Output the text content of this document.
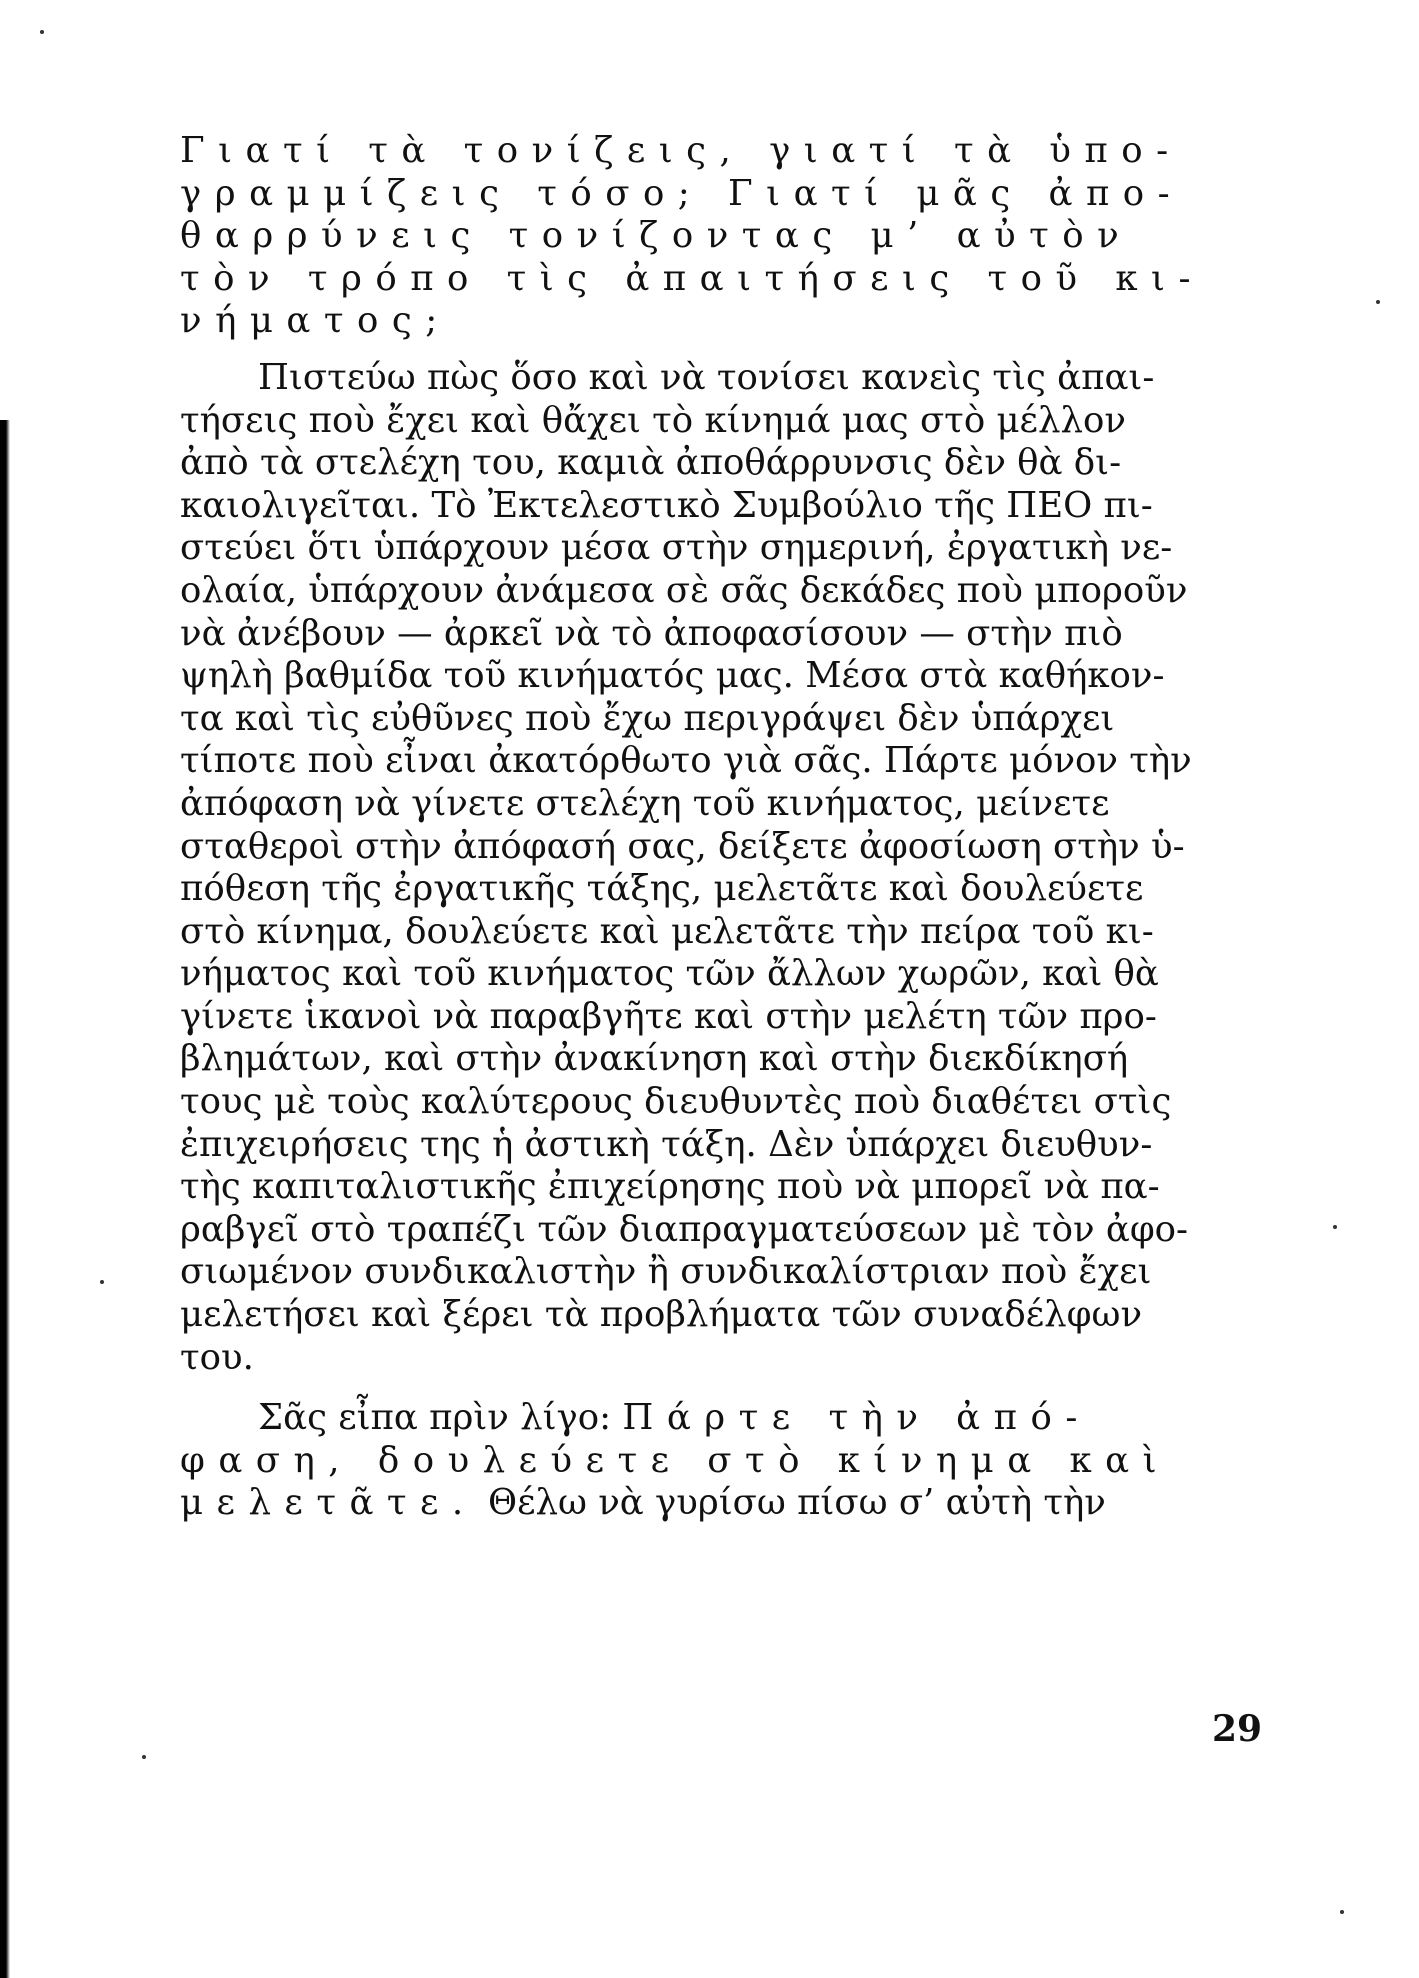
Γιατί τὰ τονίζεις, γιατί τὰ ὑπο-
γραμμίζεις τόσο; Γιατί μᾶς ἀπο-
θαρρύνεις τονίζοντας μ’ αὐτὸν
τὸν τρόπο τὶς ἀπαιτήσεις τοῦ κι-
νήματος;

Πιστεύω πὼς ὅσο καὶ νὰ τονίσει κανεὶς τὶς ἀπαι-
τήσεις ποὺ ἔχει καὶ θἄχει τὸ κίνημά μας στὸ μέλλον
ἀπὸ τὰ στελέχη του, καμιὰ ἀποθάρρυνσις δὲν θὰ δι-
καιολιγεῖται. Τὸ Ἐκτελεστικὸ Συμβούλιο τῆς ΠΕΟ πι-
στεύει ὅτι ὑπάρχουν μέσα στὴν σημερινή, ἐργατικὴ νε-
ολαία, ὑπάρχουν ἀνάμεσα σὲ σᾶς δεκάδες ποὺ μποροῦν
νὰ ἀνέβουν — ἀρκεῖ νὰ τὸ ἀποφασίσουν — στὴν πιὸ
ψηλὴ βαθμίδα τοῦ κινήματός μας. Μέσα στὰ καθήκον-
τα καὶ τὶς εὐθῦνες ποὺ ἔχω περιγράψει δὲν ὑπάρχει
τίποτε ποὺ εἶναι ἀκατόρθωτο γιὰ σᾶς. Πάρτε μόνον τὴν
ἀπόφαση νὰ γίνετε στελέχη τοῦ κινήματος, μείνετε
σταθεροὶ στὴν ἀπόφασή σας, δείξετε ἀφοσίωση στὴν ὑ-
πόθεση τῆς ἐργατικῆς τάξης, μελετᾶτε καὶ δουλεύετε
στὸ κίνημα, δουλεύετε καὶ μελετᾶτε τὴν πείρα τοῦ κι-
νήματος καὶ τοῦ κινήματος τῶν ἄλλων χωρῶν, καὶ θὰ
γίνετε ἱκανοὶ νὰ παραβγῆτε καὶ στὴν μελέτη τῶν προ-
βλημάτων, καὶ στὴν ἀνακίνηση καὶ στὴν διεκδίκησή
τους μὲ τοὺς καλύτερους διευθυντὲς ποὺ διαθέτει στὶς
ἐπιχειρήσεις της ἡ ἀστικὴ τάξη. Δὲν ὑπάρχει διευθυν-
τὴς καπιταλιστικῆς ἐπιχείρησης ποὺ νὰ μπορεῖ νὰ πα-
ραβγεῖ στὸ τραπέζι τῶν διαπραγματεύσεων μὲ τὸν ἀφο-
σιωμένον συνδικαλιστὴν ἢ συνδικαλίστριαν ποὺ ἔχει
μελετήσει καὶ ξέρει τὰ προβλήματα τῶν συναδέλφων
του.

Σᾶς εἶπα πρὶν λίγο: Πάρτε τὴν ἀπό-
φαση, δουλεύετε στὸ κίνημα καὶ
μελετᾶτε. Θέλω νὰ γυρίσω πίσω σ’ αὐτὴ τὴν

29
